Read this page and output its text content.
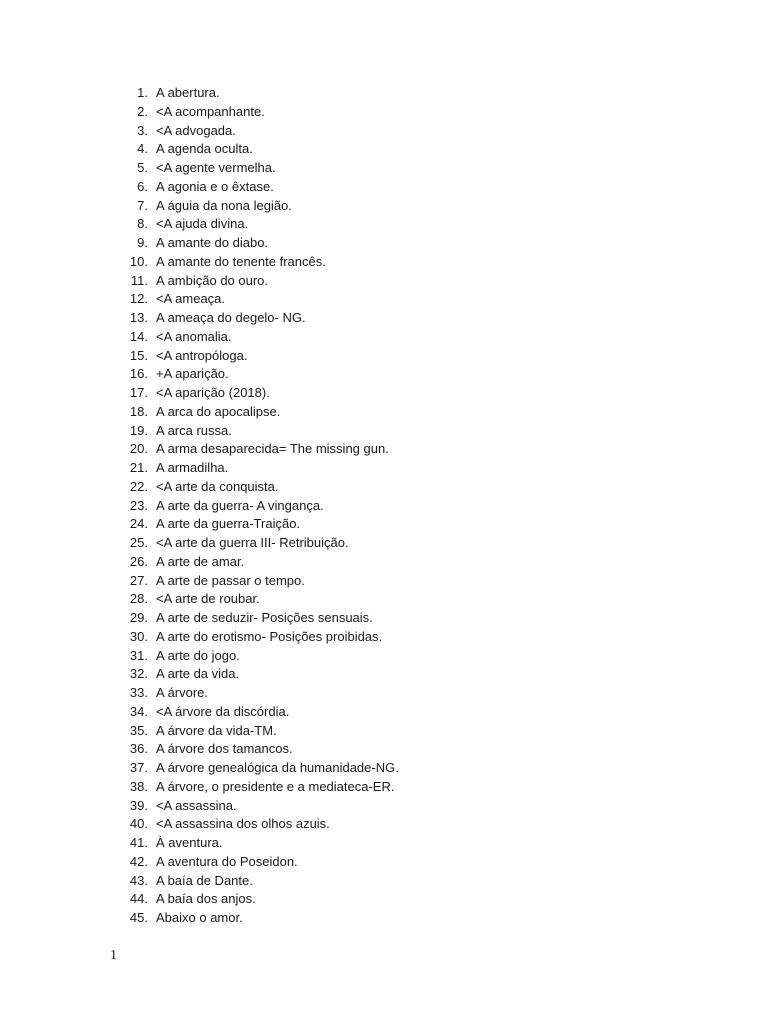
1. A abertura.
2. <A acompanhante.
3. <A advogada.
4. A agenda oculta.
5. <A agente vermelha.
6. A agonia e o êxtase.
7. A águia da nona legião.
8. <A ajuda divina.
9. A amante do diabo.
10. A amante do tenente francês.
11. A ambição do ouro.
12. <A ameaça.
13. A ameaça do degelo- NG.
14. <A anomalia.
15. <A antropóloga.
16. +A aparição.
17. <A aparição (2018).
18. A arca do apocalipse.
19. A arca russa.
20. A arma desaparecida= The missing gun.
21. A armadilha.
22. <A arte da conquista.
23. A arte da guerra- A vingança.
24. A arte da guerra-Traição.
25. <A arte da guerra III- Retribuição.
26. A arte de amar.
27. A arte de passar o tempo.
28. <A arte de roubar.
29. A arte de seduzir- Posições sensuais.
30. A arte do erotismo- Posições proibidas.
31. A arte do jogo.
32. A arte da vida.
33. A árvore.
34. <A árvore da discórdia.
35. A árvore da vida-TM.
36. A árvore dos tamancos.
37. A árvore genealógica da humanidade-NG.
38. A árvore, o presidente e a mediateca-ER.
39. <A assassina.
40. <A assassina dos olhos azuis.
41. À aventura.
42. A aventura do Poseidon.
43. A baía de Dante.
44. A baía dos anjos.
45. Abaixo o amor.
1
